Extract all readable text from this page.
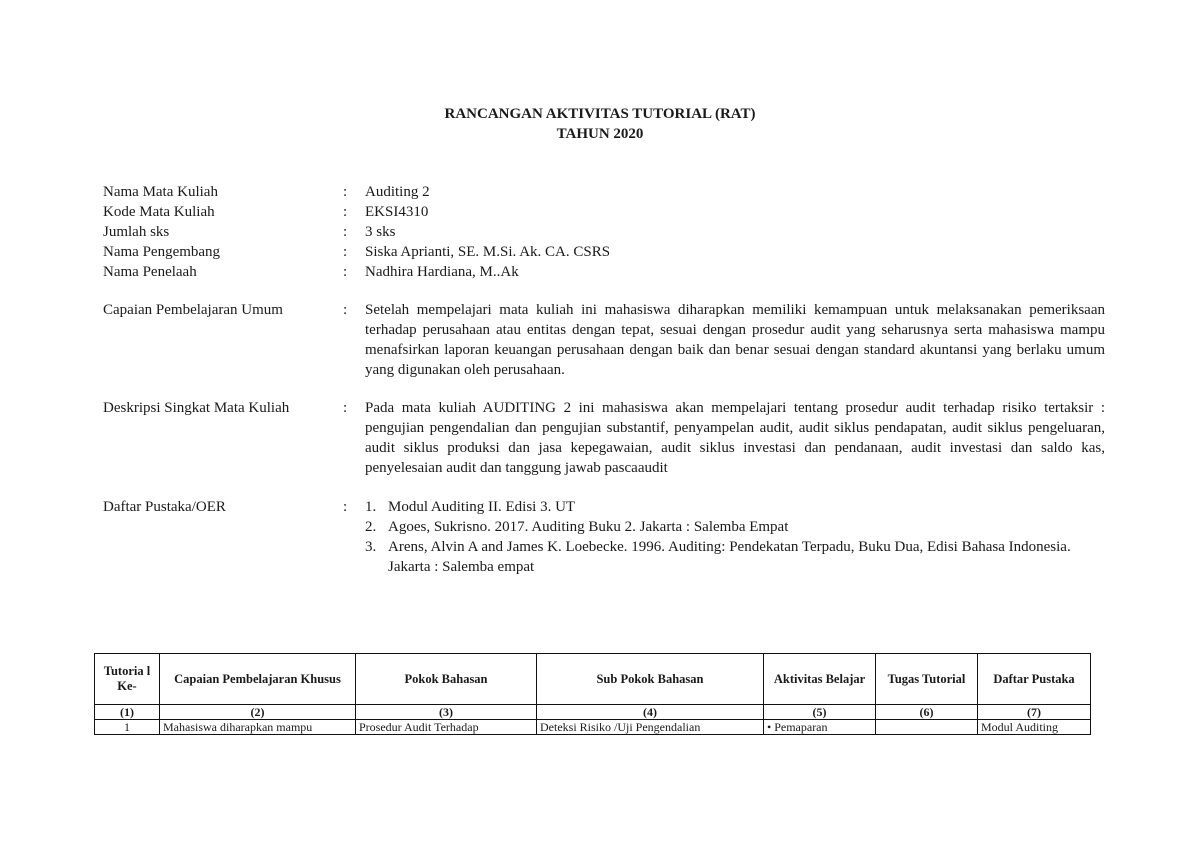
RANCANGAN AKTIVITAS TUTORIAL (RAT)
TAHUN 2020
Nama Mata Kuliah	:	Auditing 2
Kode Mata Kuliah	:	EKSI4310
Jumlah sks	:	3 sks
Nama Pengembang	:	Siska Aprianti, SE. M.Si. Ak. CA. CSRS
Nama Penelaah	:	Nadhira Hardiana, M..Ak
Capaian Pembelajaran Umum	:	Setelah mempelajari mata kuliah ini mahasiswa diharapkan memiliki kemampuan untuk melaksanakan pemeriksaan terhadap perusahaan atau entitas dengan tepat, sesuai dengan prosedur audit yang seharusnya serta mahasiswa mampu menafsirkan laporan keuangan perusahaan dengan baik dan benar sesuai dengan standard akuntansi yang berlaku umum yang digunakan oleh perusahaan.
Deskripsi Singkat Mata Kuliah	:	Pada mata kuliah AUDITING 2 ini mahasiswa akan mempelajari tentang prosedur audit terhadap risiko tertaksir : pengujian pengendalian dan pengujian substantif, penyampelan audit, audit siklus pendapatan, audit siklus pengeluaran, audit siklus produksi dan jasa kepegawaian, audit siklus investasi dan pendanaan, audit investasi dan saldo kas, penyelesaian audit dan tanggung jawab pascaaudit
Daftar Pustaka/OER	:	1. Modul Auditing II. Edisi 3. UT
2. Agoes, Sukrisno. 2017. Auditing Buku 2. Jakarta : Salemba Empat
3. Arens, Alvin A and James K. Loebecke. 1996. Auditing: Pendekatan Terpadu, Buku Dua, Edisi Bahasa Indonesia. Jakarta : Salemba empat
Tutoria l Ke-	Capaian Pembelajaran Khusus	Pokok Bahasan	Sub Pokok Bahasan	Aktivitas Belajar	Tugas Tutorial	Daftar Pustaka
(1)	(2)	(3)	(4)	(5)	(6)	(7)
1	Mahasiswa diharapkan mampu	Prosedur Audit Terhadap	Deteksi Risiko /Uji Pengendalian	• Pemaparan		Modul Auditing
